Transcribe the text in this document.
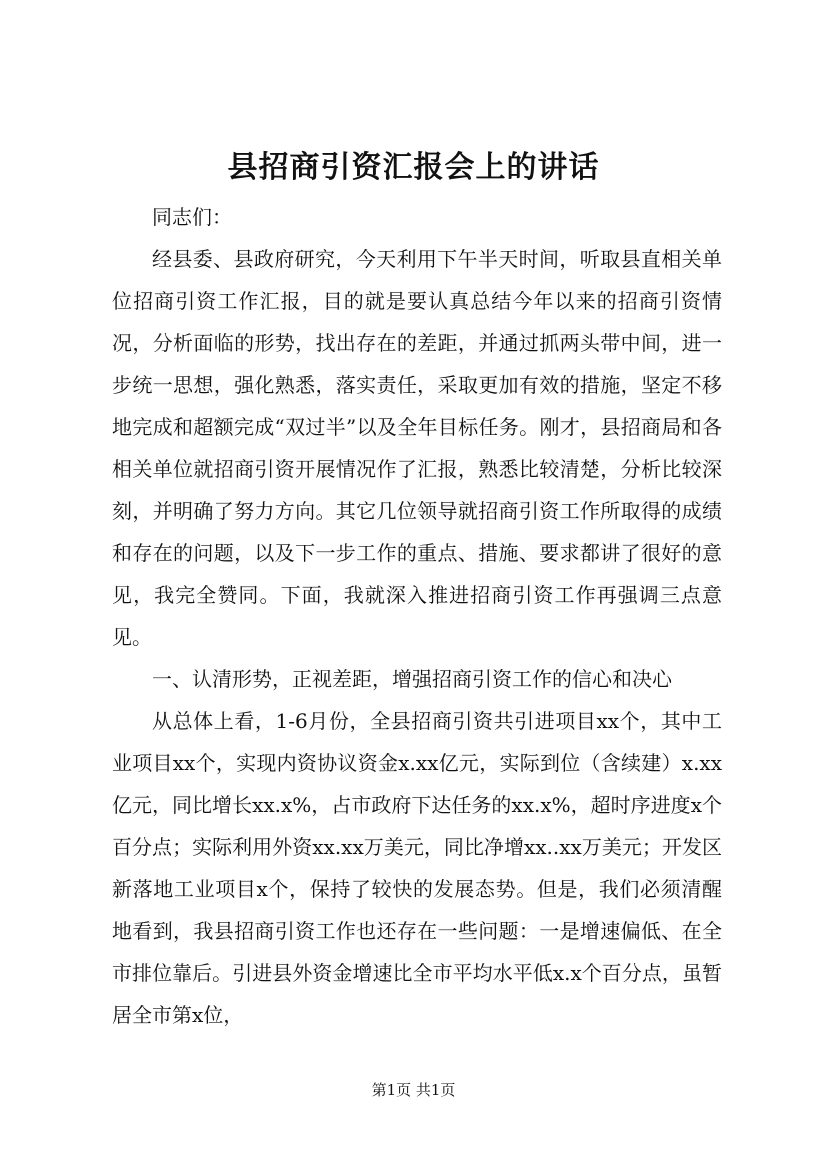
县招商引资汇报会上的讲话

同志们：

经县委、县政府研究，今天利用下午半天时间，听取县直相关单位招商引资工作汇报，目的就是要认真总结今年以来的招商引资情况，分析面临的形势，找出存在的差距，并通过抓两头带中间，进一步统一思想，强化熟悉，落实责任，采取更加有效的措施，坚定不移地完成和超额完成“双过半”以及全年目标任务。刚才，县招商局和各相关单位就招商引资开展情况作了汇报，熟悉比较清楚，分析比较深刻，并明确了努力方向。其它几位领导就招商引资工作所取得的成绩和存在的问题，以及下一步工作的重点、措施、要求都讲了很好的意见，我完全赞同。下面，我就深入推进招商引资工作再强调三点意见。

一、认清形势，正视差距，增强招商引资工作的信心和决心

从总体上看，1-6月份，全县招商引资共引进项目xx个，其中工业项目xx个，实现内资协议资金x.xx亿元，实际到位（含续建）x.xx亿元，同比增长xx.x%，占市政府下达任务的xx.x%，超时序进度x个百分点；实际利用外资xx.xx万美元，同比净增xx..xx万美元；开发区新落地工业项目x个，保持了较快的发展态势。但是，我们必须清醒地看到，我县招商引资工作也还存在一些问题：一是增速偏低、在全市排位靠后。引进县外资金增速比全市平均水平低x.x个百分点，虽暂居全市第x位，

第1页 共1页
